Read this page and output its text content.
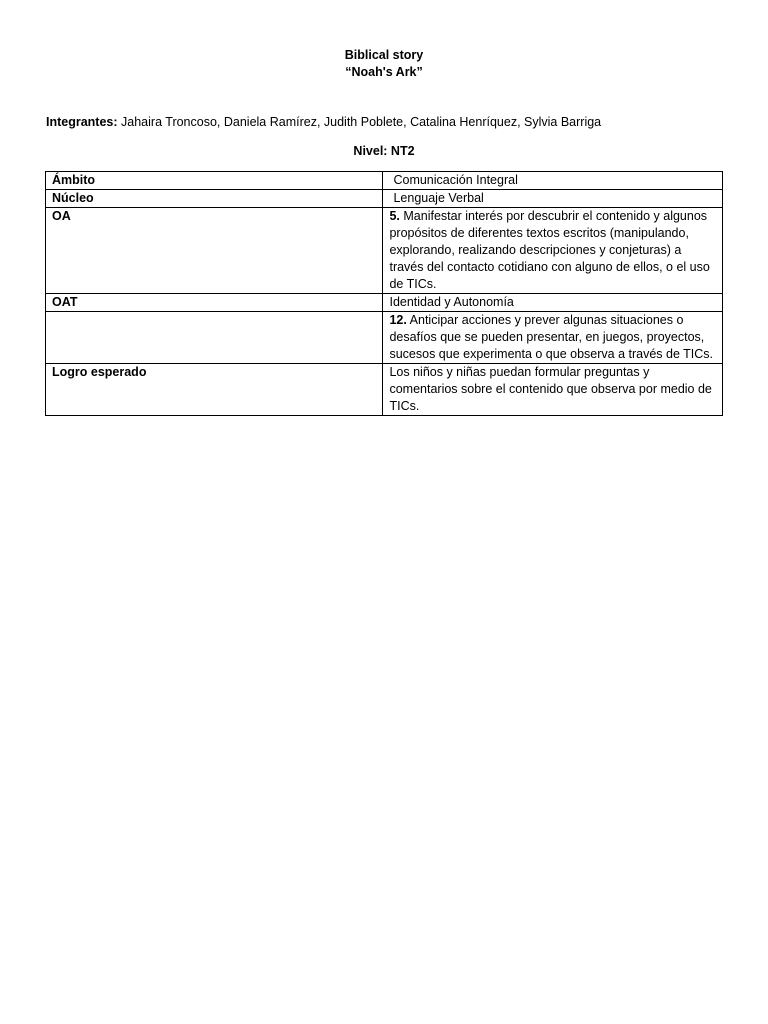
Biblical story
“Noah's Ark”
Integrantes: Jahaira Troncoso, Daniela Ramírez, Judith Poblete, Catalina Henríquez, Sylvia Barriga
Nivel: NT2
Ámbito	Comunicación Integral
Núcleo	Lenguaje Verbal
OA	5. Manifestar interés por descubrir el contenido y algunos propósitos de diferentes textos escritos (manipulando, explorando, realizando descripciones y conjeturas) a través del contacto cotidiano con alguno de ellos, o el uso de TICs.
OAT	Identidad y Autonomía
	12. Anticipar acciones y prever algunas situaciones o desafíos que se pueden presentar, en juegos, proyectos, sucesos que experimenta o que observa a través de TICs.
Logro esperado	Los niños y niñas puedan formular preguntas y comentarios sobre el contenido que observa por medio de TICs.
